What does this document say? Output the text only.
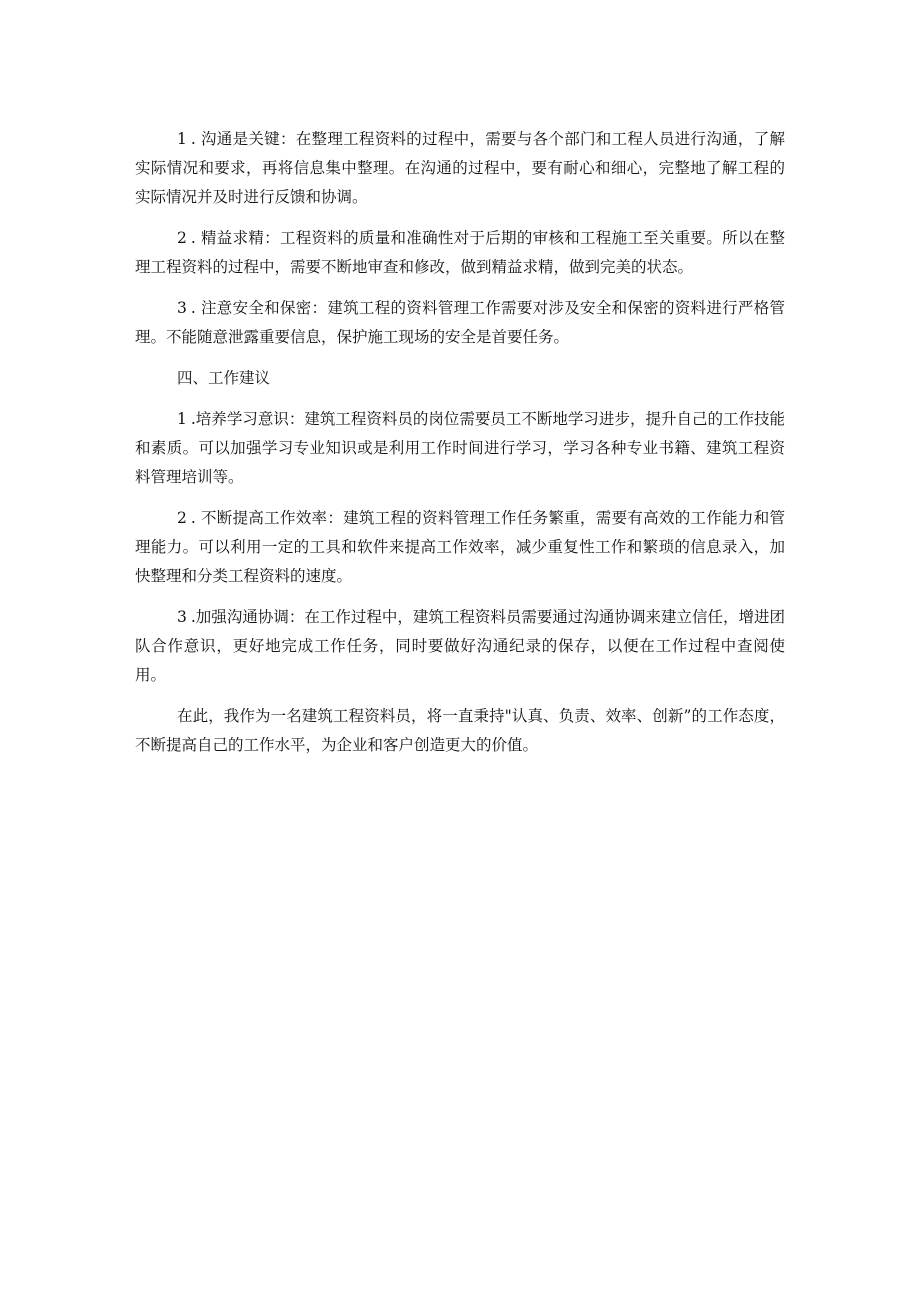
1 . 沟通是关键：在整理工程资料的过程中，需要与各个部门和工程人员进行沟通，了解实际情况和要求，再将信息集中整理。在沟通的过程中，要有耐心和细心，完整地了解工程的实际情况并及时进行反馈和协调。

2 . 精益求精：工程资料的质量和准确性对于后期的审核和工程施工至关重要。所以在整理工程资料的过程中，需要不断地审查和修改，做到精益求精，做到完美的状态。

3 . 注意安全和保密：建筑工程的资料管理工作需要对涉及安全和保密的资料进行严格管理。不能随意泄露重要信息，保护施工现场的安全是首要任务。

四、工作建议

1 .培养学习意识：建筑工程资料员的岗位需要员工不断地学习进步，提升自己的工作技能和素质。可以加强学习专业知识或是利用工作时间进行学习，学习各种专业书籍、建筑工程资料管理培训等。

2 . 不断提高工作效率：建筑工程的资料管理工作任务繁重，需要有高效的工作能力和管理能力。可以利用一定的工具和软件来提高工作效率，减少重复性工作和繁琐的信息录入，加快整理和分类工程资料的速度。

3 .加强沟通协调：在工作过程中，建筑工程资料员需要通过沟通协调来建立信任，增进团队合作意识，更好地完成工作任务，同时要做好沟通纪录的保存，以便在工作过程中查阅使用。

在此，我作为一名建筑工程资料员，将一直秉持"认真、负责、效率、创新”的工作态度，不断提高自己的工作水平，为企业和客户创造更大的价值。
